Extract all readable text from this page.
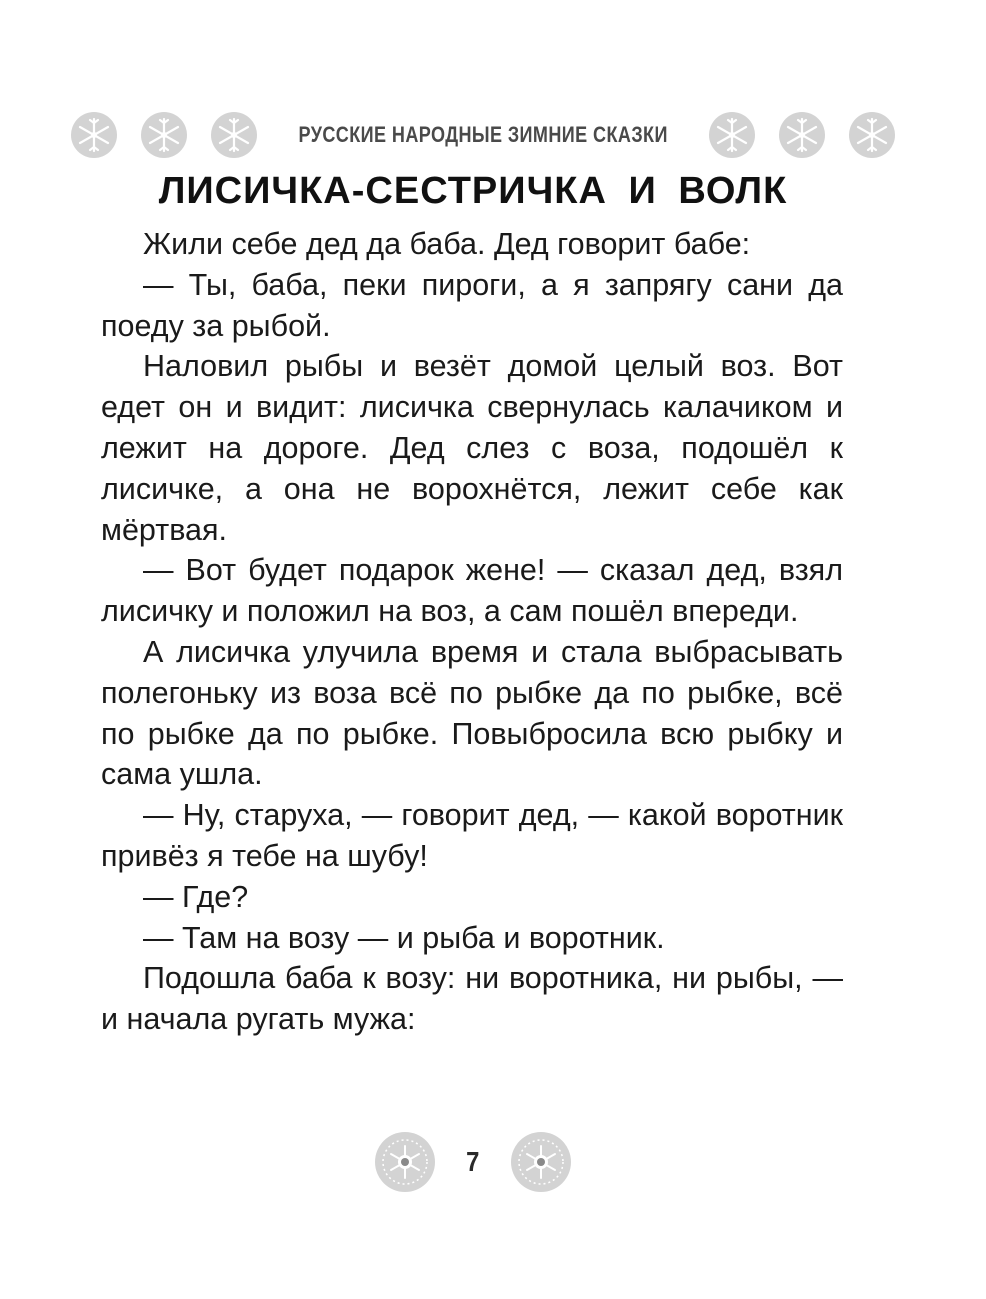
РУССКИЕ НАРОДНЫЕ ЗИМНИЕ СКАЗКИ
ЛИСИЧКА-СЕСТРИЧКА И ВОЛК

Жили себе дед да баба. Дед говорит бабе:

— Ты, баба, пеки пироги, а я запрягу сани да поеду за рыбой.

Наловил рыбы и везёт домой целый воз. Вот едет он и видит: лисичка свернулась калачиком и лежит на дороге. Дед слез с воза, подошёл к лисичке, а она не ворохнётся, лежит себе как мёртвая.

— Вот будет подарок жене! — сказал дед, взял лисичку и положил на воз, а сам пошёл впереди.

А лисичка улучила время и стала выбрасывать полегоньку из воза всё по рыбке да по рыбке, всё по рыбке да по рыбке. Повыбросила всю рыбку и сама ушла.

— Ну, старуха, — говорит дед, — какой воротник привёз я тебе на шубу!

— Где?

— Там на возу — и рыба и воротник.

Подошла баба к возу: ни воротника, ни рыбы, — и начала ругать мужа:

7
